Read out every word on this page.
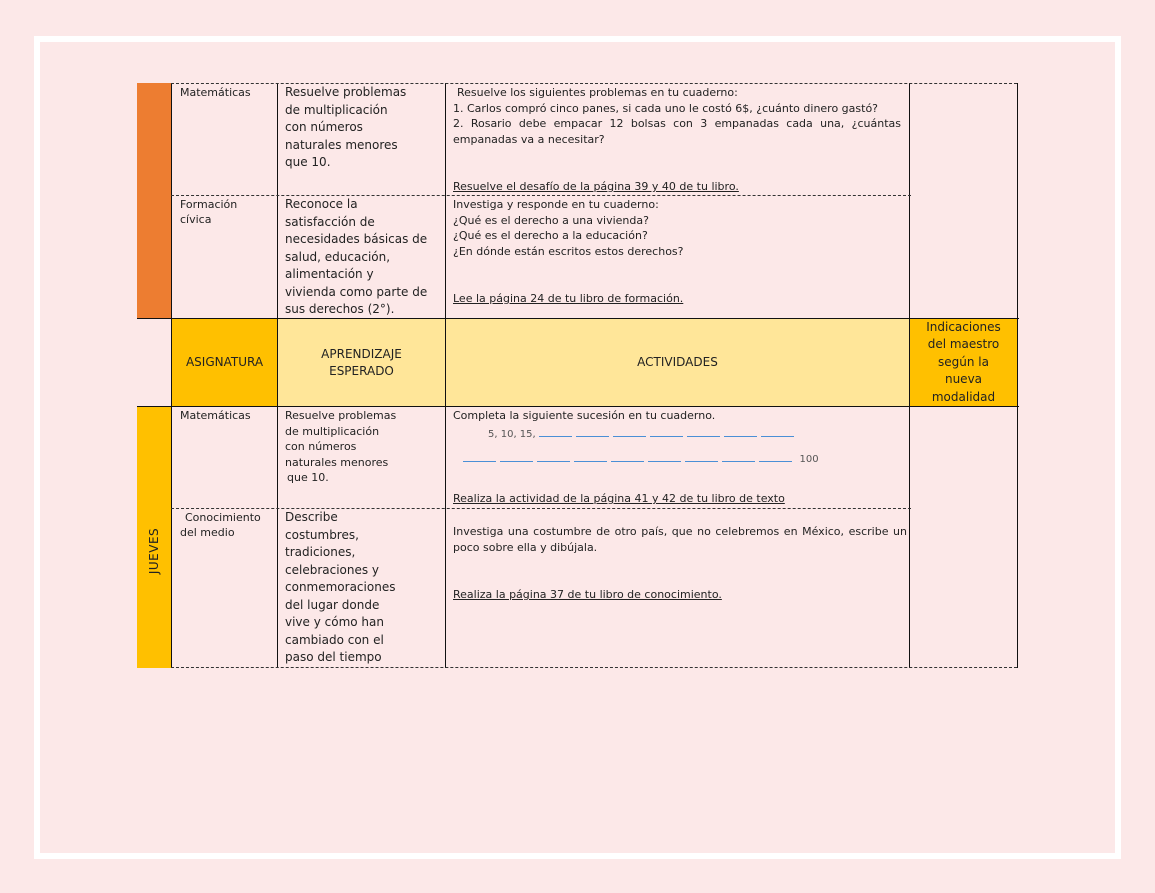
JUEVES
ASIGNATURA
APRENDIZAJE ESPERADO
ACTIVIDADES
Indicaciones del maestro según la nueva modalidad
Matemáticas	Resuelve problemas
de multiplicación
con números
naturales menores
que 10.
Resuelve los siguientes problemas en tu cuaderno:
1. Carlos compró cinco panes, si cada uno le costó 6$, ¿cuánto dinero gastó?
2. Rosario debe empacar 12 bolsas con 3 empanadas cada una, ¿cuántas empanadas va a necesitar?
Resuelve el desafío de la página 39 y 40 de tu libro.
Formación
cívica
Reconoce la
satisfacción de
necesidades básicas de
salud, educación,
alimentación y
vivienda como parte de
sus derechos (2°).
Investiga y responde en tu cuaderno:
¿Qué es el derecho a una vivienda?
¿Qué es el derecho a la educación?
¿En dónde están escritos estos derechos?
Lee la página 24 de tu libro de formación.
Matemáticas	Resuelve problemas
de multiplicación
con números
naturales menores
que 10.
Completa la siguiente sucesión en tu cuaderno.
5, 10, 15,
100
Realiza la actividad de la página 41 y 42 de tu libro de texto
Conocimiento
del medio
Describe
costumbres,
tradiciones,
celebraciones y
conmemoraciones
del lugar donde
vive y cómo han
cambiado con el
paso del tiempo
Investiga una costumbre de otro país, que no celebremos en México, escribe un poco sobre ella y dibújala.
Realiza la página 37 de tu libro de conocimiento.
